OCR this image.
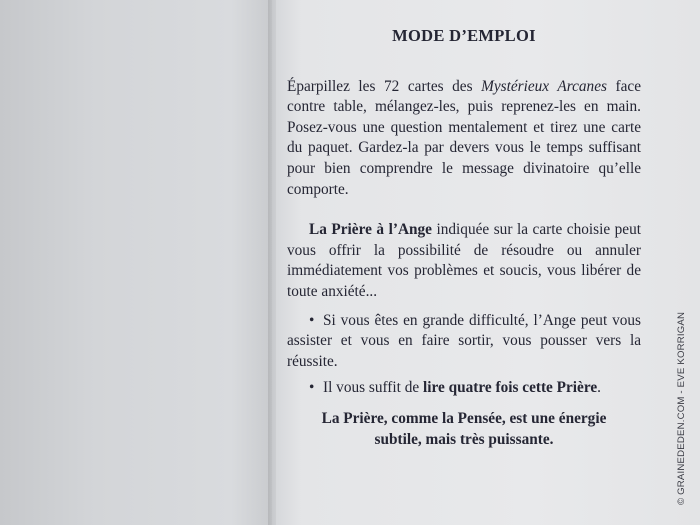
MODE D’EMPLOI

Éparpillez les 72 cartes des Mystérieux Arcanes face contre table, mélangez-les, puis reprenez-les en main. Posez-vous une question mentalement et tirez une carte du paquet. Gardez-la par devers vous le temps suffisant pour bien comprendre le message divinatoire qu’elle comporte.

La Prière à l’Ange indiquée sur la carte choisie peut vous offrir la possibilité de résoudre ou annuler immédiatement vos problèmes et soucis, vous libérer de toute anxiété...

• Si vous êtes en grande difficulté, l’Ange peut vous assister et vous en faire sortir, vous pousser vers la réussite.

• Il vous suffit de lire quatre fois cette Prière.

La Prière, comme la Pensée, est une énergie
subtile, mais très puissante.

© GRAINEDEDEN.COM - EVE KORRIGAN
